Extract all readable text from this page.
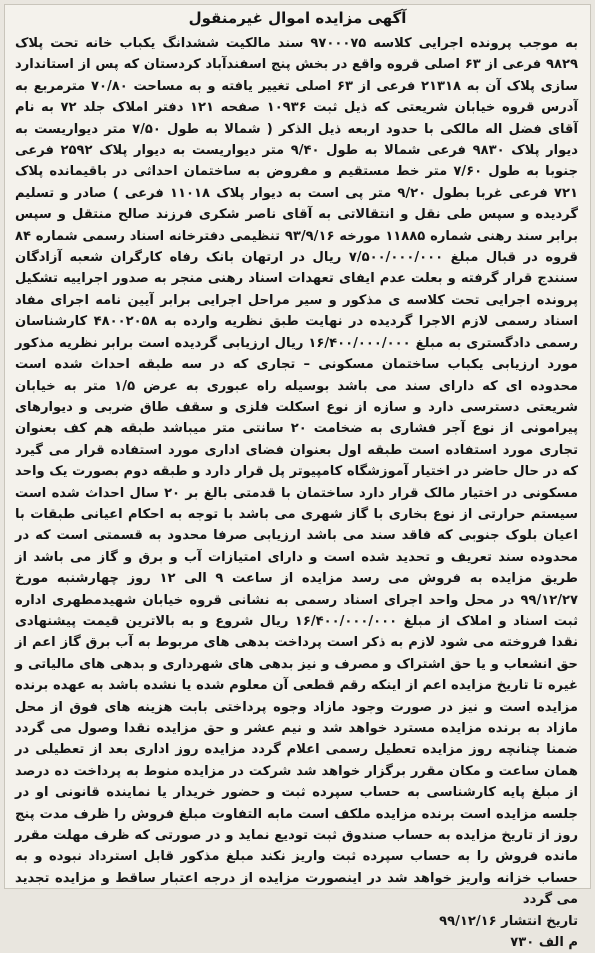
آگهی مزایده اموال غیرمنقول
به موجب پرونده اجرایی کلاسه ۹۷۰۰۰۷۵ سند مالکیت ششدانگ یکباب خانه تحت پلاک ۹۸۲۹ فرعی از ۶۳ اصلی قروه واقع در بخش پنج اسفندآباد کردستان که پس از استاندارد سازی پلاک آن به ۲۱۳۱۸ فرعی از ۶۳ اصلی تغییر یافته و به مساحت ۷۰/۸۰ مترمربع به آدرس قروه خیابان شریعتی که ذیل ثبت ۱۰۹۳۶ صفحه ۱۲۱ دفتر املاک جلد ۷۲ به نام آقای فضل اله مالکی با حدود اربعه ذیل الذکر ( شمالا به طول ۷/۵۰ متر دیواریست به دیوار پلاک ۹۸۳۰ فرعی شمالا به طول ۹/۴۰ متر دیواریست به دیوار پلاک ۲۵۹۲ فرعی جنوبا به طول ۷/۶۰ متر خط مستقیم و مفروض به ساختمان احداثی در باقیمانده پلاک ۷۲۱ فرعی غربا بطول ۹/۲۰ متر پی است به دیوار پلاک ۱۱۰۱۸ فرعی ) صادر و تسلیم گردیده و سپس طی نقل و انتقالاتی به آقای ناصر شکری فرزند صالح منتقل و سپس برابر سند رهنی شماره ۱۱۸۸۵ مورخه ۹۳/۹/۱۶ تنظیمی دفترخانه اسناد رسمی شماره ۸۴ قروه در قبال مبلغ ۷/۵۰۰/۰۰۰/۰۰۰ ریال در ارتهان بانک رفاه کارگران شعبه آزادگان سنندج قرار گرفته و بعلت عدم ایفای تعهدات اسناد رهنی منجر به صدور اجراییه تشکیل پرونده اجرایی تحت کلاسه ی مذکور و سیر مراحل اجرایی برابر آیین نامه اجرای مفاد اسناد رسمی لازم الاجرا گردیده در نهایت طبق نظریه وارده به ۴۸۰۰۲۰۵۸ کارشناسان رسمی دادگستری به مبلغ ۱۶/۴۰۰/۰۰۰/۰۰۰ ریال ارزیابی گردیده است برابر نظریه مذکور مورد ارزیابی یکباب ساختمان مسکونی – تجاری که در سه طبقه احداث شده است محدوده ای که دارای سند می باشد بوسیله راه عبوری به عرض ۱/۵ متر به خیابان شریعتی دسترسی دارد و سازه از نوع اسکلت فلزی و سقف طاق ضربی و دیوارهای پیرامونی از نوع آجر فشاری به ضخامت ۲۰ سانتی متر میباشد طبقه هم کف بعنوان تجاری مورد استفاده است طبقه اول بعنوان فضای اداری مورد استفاده قرار می گیرد که در حال حاضر در اختیار آموزشگاه کامپیوتر پل قرار دارد و طبقه دوم بصورت یک واحد مسکونی در اختیار مالک قرار دارد ساختمان با قدمتی بالغ بر ۲۰ سال احداث شده است سیستم حرارتی از نوع بخاری با گاز شهری می باشد با توجه به احکام اعیانی طبقات با اعیان بلوک جنوبی که فاقد سند می باشد ارزیابی صرفا محدود به قسمتی است که در محدوده سند تعریف و تحدید شده است و دارای امتیازات آب و برق و گاز می باشد از طریق مزایده به فروش می رسد مزایده از ساعت ۹ الی ۱۲ روز چهارشنبه مورخ ۹۹/۱۲/۲۷ در محل واحد اجرای اسناد رسمی به نشانی قروه خیابان شهیدمطهری اداره ثبت اسناد و املاک از مبلغ ۱۶/۴۰۰/۰۰۰/۰۰۰ ریال شروع و به بالاترین قیمت پیشنهادی نقدا فروخته می شود لازم به ذکر است پرداخت بدهی های مربوط به آب برق گاز اعم از حق انشعاب و یا حق اشتراک و مصرف و نیز بدهی های شهرداری و بدهی های مالیاتی و غیره تا تاریخ مزایده اعم از اینکه رقم قطعی آن معلوم شده یا نشده باشد به عهده برنده مزایده است و نیز در صورت وجود مازاد وجوه پرداختی بابت هزینه های فوق از محل مازاد به برنده مزایده مسترد خواهد شد و نیم عشر و حق مزایده نقدا وصول می گردد ضمنا چنانچه روز مزایده تعطیل رسمی اعلام گردد مزایده روز اداری بعد از تعطیلی در همان ساعت و مکان مقرر برگزار خواهد شد شرکت در مزایده منوط به پرداخت ده درصد از مبلغ پایه کارشناسی به حساب سپرده ثبت و حضور خریدار یا نماینده قانونی او در جلسه مزایده است برنده مزایده ملکف است مابه التفاوت مبلغ فروش را ظرف مدت پنج روز از تاریخ مزایده به حساب صندوق ثبت تودیع نماید و در صورتی که ظرف مهلت مقرر مانده فروش را به حساب سپرده ثبت واریز نکند مبلغ مذکور قابل استرداد نبوده و به حساب خزانه واریز خواهد شد در اینصورت مزایده از درجه اعتبار ساقط و مزایده تجدید می گردد
تاریخ انتشار ۹۹/۱۲/۱۶
م الف ۷۳۰
